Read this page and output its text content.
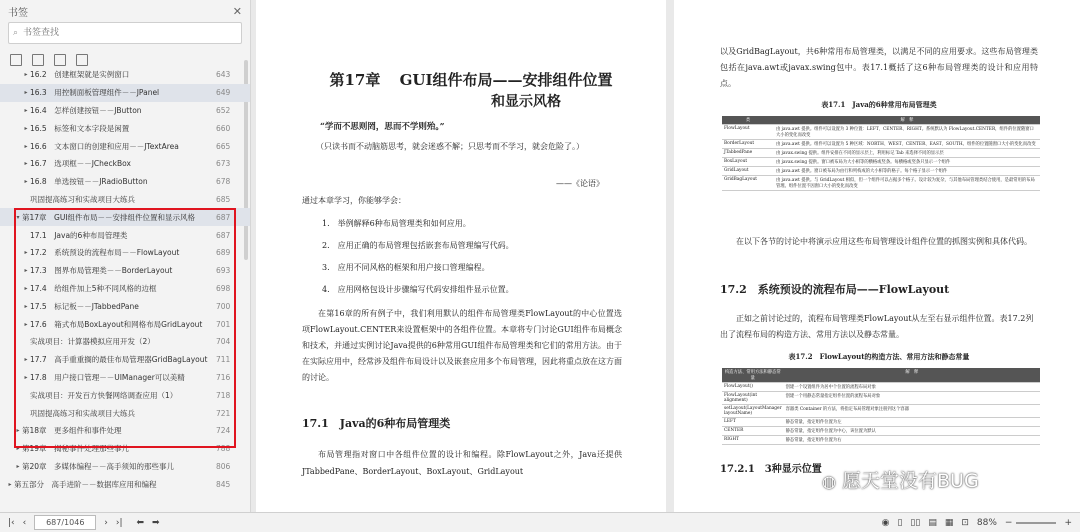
书签	✕
⌕
书签查找
▸ 16.2　创建框架就是实例窗口	643
▸ 16.3　用控制面板管理组件－－JPanel	649
▸ 16.4　怎样创建按钮－－JButton	652
▸ 16.5　标签和文本字段是闲置	660
▸ 16.6　文本窗口的创建和应用－－JTextArea	665
▸ 16.7　选项框－－JCheckBox	673
▸ 16.8　单选按钮－－JRadioButton	678
巩固提高练习和实战项目大练兵	685
▾ 第17章　GUI组件布局－－安排组件位置和显示风格	687
17.1　Java的6种布局管理类	687
▸ 17.2　系统预设的流程布局－－FlowLayout	689
▸ 17.3　图界布局管理类－－BorderLayout	693
▸ 17.4　给组件加上5种不同风格的边框	698
▸ 17.5　标记板－－JTabbedPane	700
▸ 17.6　箱式布局BoxLayout和网格布局GridLayout	701
实战项目：计算器模拟应用开发（2）	704
▸ 17.7　高手重重搁的最佳布局管理器GridBagLayout	711
▸ 17.8　用户接口管理－－UIManager可以美精	716
实战项目：开发百方快餐网络调查应用（1）	718
巩固提高练习和实战项目大练兵	721
▸ 第18章　更多组件和事件处理	724
▸ 第19章　揭秘事件处理那些事儿	788
▸ 第20章　多媒体编程－－高手须知的那些事儿	806
▸ 第五部分　高手进阶－－数据库应用和编程	845
第17章 GUI组件布局——安排组件位置
和显示风格
“学而不思则罔，思而不学则殆。”
（只读书而不动脑筋思考，就会迷惑不解；只思考而不学习，就会危险了。）
——《论语》
通过本章学习，你能够学会：
1.　举例解释6种布局管理类和如何应用。
2.　应用正确的布局管理包括嵌套布局管理编写代码。
3.　应用不同风格的框架和用户接口管理编程。
4.　应用网格包设计步骤编写代码安排组件显示位置。
在第16章的所有例子中，我们利用默认的组件布局管理类FlowLayout的中心位置选项FlowLayout.CENTER来设置框架中的各组件位置。本章将专门讨论GUI组件布局概念和技术，并通过实例讨论Java提供的6种常用GUI组件布局管理类和它们的常用方法。由于在实际应用中，经常涉及组件布局设计以及嵌套应用多个布局管理，因此将重点放在这方面的讨论。
17.1　Java的6种布局管理类
布局管理指对窗口中各组件位置的设计和编程。除FlowLayout之外，Java还提供JTabbedPane、BorderLayout、BoxLayout、GridLayout
以及GridBagLayout，共6种常用布局管理类，以满足不同的应用要求。这些布局管理类包括在java.awt或javax.swing包中。表17.1概括了这6种布局管理类的设计和应用特点。
表17.1　Java的6种常用布局管理类
类	解　释
FlowLayout	由 java.awt 提供。组件可以设置为 3 种位置：LEFT、CENTER、RIGHT。系统默认为 FlowLayout.CENTER，组件的位置随窗口大小的变化而改变
BorderLayout	由 java.awt 提供。组件可以设置为 5 种区域：NORTH、WEST、CENTER、EAST、SOUTH。组件的位置随窗口大小的变化而改变
JTabbedPane	由 javax.swing 提供。组件安排在不同的显示层上，利用标记 Tab 来选择不同的显示层
BoxLayout	由 javax.swing 提供。窗口被布局为大小相等的横格或竖条。每横格或竖条只显示一个组件
GridLayout	由 java.awt 提供。窗口被布局为由行和列构成的大小相等的格子。每个格子显示一个组件
GridBagLayout	由 java.awt 提供。与 GridLayout 相似，但一个组件可以占据多个格子。设计较为复杂，与其他布局管理类结合使用，是最常用的布局管理。组件位置不因窗口大小的变化而改变
在以下各节的讨论中将演示应用这些布局管理设计组件位置的抓图实例和具体代码。
17.2　系统预设的流程布局——FlowLayout
正如之前讨论过的，流程布局管理类FlowLayout从左至右显示组件位置。表17.2列出了流程布局的构造方法、常用方法以及静态常量。
表17.2　FlowLayout的构造方法、常用方法和静态常量
构造方法、常用方法和静态常量	解　释
FlowLayout()	创建一个设置组件为居中个位置的流程布局对象
FlowLayout(int alignment)	创建一个用静态常量指定组件位置的流程布局对象
setLayout(LayoutManager layoutName)	容器类 Container 的方法，将指定布局管理对象注册到这个容器
LEFT	静态常量，指定组件位置为左
CENTER	静态常量，指定组件位置为中心，该位置为默认
RIGHT	静态常量，指定组件位置为右
17.2.1　3种显示位置
◍ 愿天堂没有BUG
|‹ ‹	687/1046	› ›| ⬅ ➡	◉ ▯ ▯▯ ▤ ▦ ⊡ 88% −	+
